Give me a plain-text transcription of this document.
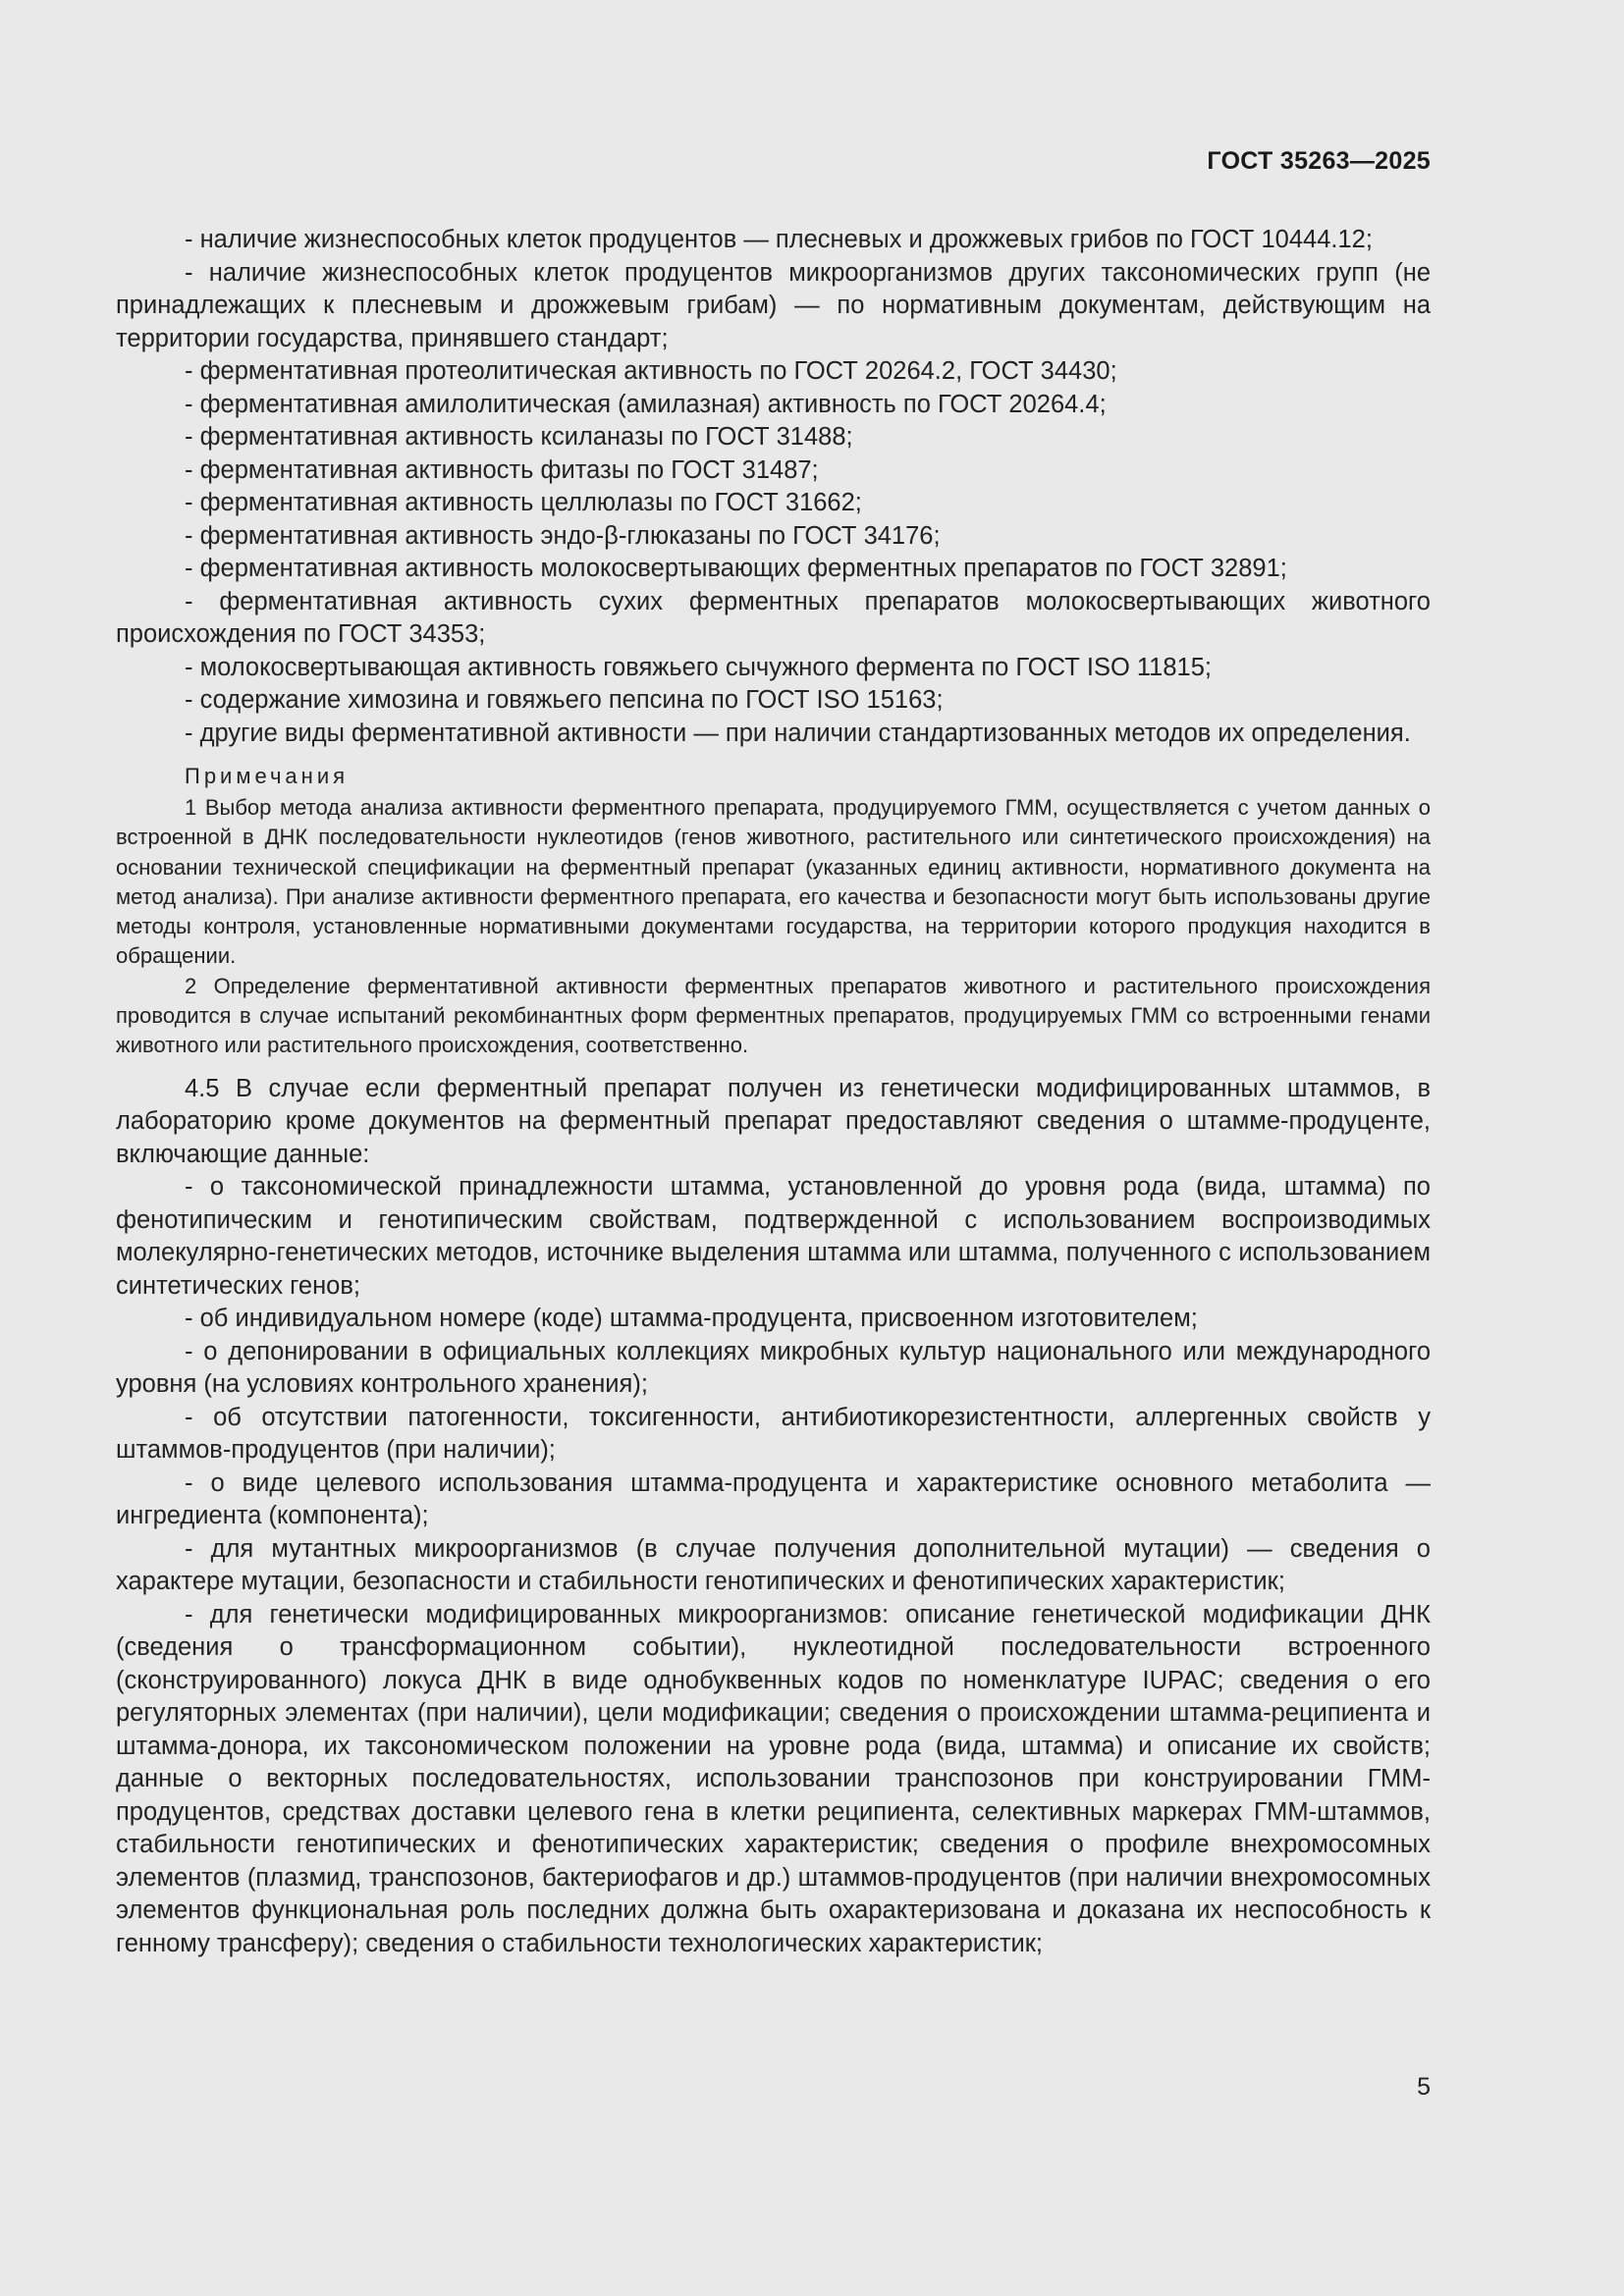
ГОСТ 35263—2025

- наличие жизнеспособных клеток продуцентов — плесневых и дрожжевых грибов по ГОСТ 10444.12;

- наличие жизнеспособных клеток продуцентов микроорганизмов других таксономических групп (не принадлежащих к плесневым и дрожжевым грибам) — по нормативным документам, действующим на территории государства, принявшего стандарт;

- ферментативная протеолитическая активность по ГОСТ 20264.2, ГОСТ 34430;

- ферментативная амилолитическая (амилазная) активность по ГОСТ 20264.4;

- ферментативная активность ксиланазы по ГОСТ 31488;

- ферментативная активность фитазы по ГОСТ 31487;

- ферментативная активность целлюлазы по ГОСТ 31662;

- ферментативная активность эндо-β-глюказаны по ГОСТ 34176;

- ферментативная активность молокосвертывающих ферментных препаратов по ГОСТ 32891;

- ферментативная активность сухих ферментных препаратов молокосвертывающих животного происхождения по ГОСТ 34353;

- молокосвертывающая активность говяжьего сычужного фермента по ГОСТ ISO 11815;

- содержание химозина и говяжьего пепсина по ГОСТ ISO 15163;

- другие виды ферментативной активности — при наличии стандартизованных методов их определения.

Примечания

1 Выбор метода анализа активности ферментного препарата, продуцируемого ГММ, осуществляется с учетом данных о встроенной в ДНК последовательности нуклеотидов (генов животного, растительного или синтетического происхождения) на основании технической спецификации на ферментный препарат (указанных единиц активности, нормативного документа на метод анализа). При анализе активности ферментного препарата, его качества и безопасности могут быть использованы другие методы контроля, установленные нормативными документами государства, на территории которого продукция находится в обращении.

2 Определение ферментативной активности ферментных препаратов животного и растительного происхождения проводится в случае испытаний рекомбинантных форм ферментных препаратов, продуцируемых ГММ со встроенными генами животного или растительного происхождения, соответственно.

4.5 В случае если ферментный препарат получен из генетически модифицированных штаммов, в лабораторию кроме документов на ферментный препарат предоставляют сведения о штамме-продуценте, включающие данные:

- о таксономической принадлежности штамма, установленной до уровня рода (вида, штамма) по фенотипическим и генотипическим свойствам, подтвержденной с использованием воспроизводимых молекулярно-генетических методов, источнике выделения штамма или штамма, полученного с использованием синтетических генов;

- об индивидуальном номере (коде) штамма-продуцента, присвоенном изготовителем;

- о депонировании в официальных коллекциях микробных культур национального или международного уровня (на условиях контрольного хранения);

- об отсутствии патогенности, токсигенности, антибиотикорезистентности, аллергенных свойств у штаммов-продуцентов (при наличии);

- о виде целевого использования штамма-продуцента и характеристике основного метаболита — ингредиента (компонента);

- для мутантных микроорганизмов (в случае получения дополнительной мутации) — сведения о характере мутации, безопасности и стабильности генотипических и фенотипических характеристик;

- для генетически модифицированных микроорганизмов: описание генетической модификации ДНК (сведения о трансформационном событии), нуклеотидной последовательности встроенного (сконструированного) локуса ДНК в виде однобуквенных кодов по номенклатуре IUPAC; сведения о его регуляторных элементах (при наличии), цели модификации; сведения о происхождении штамма-реципиента и штамма-донора, их таксономическом положении на уровне рода (вида, штамма) и описание их свойств; данные о векторных последовательностях, использовании транспозонов при конструировании ГММ-продуцентов, средствах доставки целевого гена в клетки реципиента, селективных маркерах ГММ-штаммов, стабильности генотипических и фенотипических характеристик; сведения о профиле внехромосомных элементов (плазмид, транспозонов, бактериофагов и др.) штаммов-продуцентов (при наличии внехромосомных элементов функциональная роль последних должна быть охарактеризована и доказана их неспособность к генному трансферу); сведения о стабильности технологических характеристик;

5
